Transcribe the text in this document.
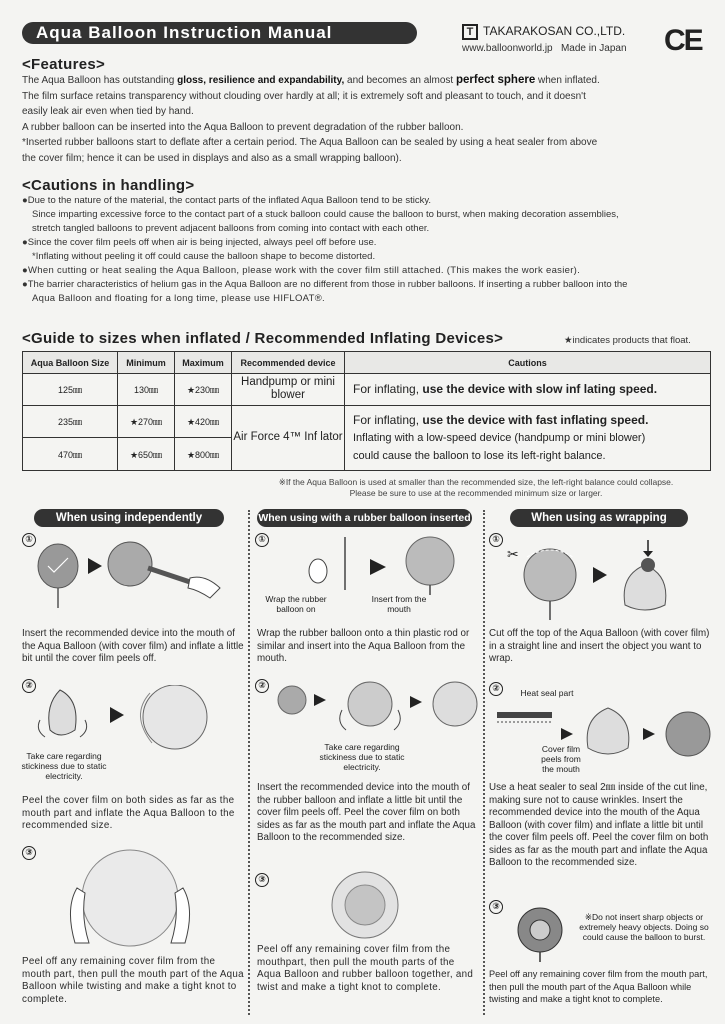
Aqua Balloon Instruction Manual	T TAKARAKOSAN CO.,LTD.
www.balloonworld.jp Made in Japan CE
<Features>
The Aqua Balloon has outstanding gloss, resilience and expandability, and becomes an almost perfect sphere when inflated.
The film surface retains transparency without clouding over hardly at all; it is extremely soft and pleasant to touch, and it doesn't
easily leak air even when tied by hand.
A rubber balloon can be inserted into the Aqua Balloon to prevent degradation of the rubber balloon.
*Inserted rubber balloons start to deflate after a certain period. The Aqua Balloon can be sealed by using a heat sealer from above
the cover film; hence it can be used in displays and also as a small wrapping balloon).
<Cautions in handling>
●Due to the nature of the material, the contact parts of the inflated Aqua Balloon tend to be sticky.
Since imparting excessive force to the contact part of a stuck balloon could cause the balloon to burst, when making decoration assemblies,
stretch tangled balloons to prevent adjacent balloons from coming into contact with each other.
●Since the cover film peels off when air is being injected, always peel off before use.
*Inflating without peeling it off could cause the balloon shape to become distorted.
●When cutting or heat sealing the Aqua Balloon, please work with the cover film still attached. (This makes the work easier).
●The barrier characteristics of helium gas in the Aqua Balloon are no different from those in rubber balloons. If inserting a rubber balloon into the
Aqua Balloon and floating for a long time, please use HIFLOAT®.
<Guide to sizes when inflated / Recommended Inflating Devices>	★indicates products that float.
Aqua Balloon Size	Minimum	Maximum	Recommended device	Cautions
125㎜	130㎜	★230㎜	Handpump or mini blower	For inflating, use the device with slow inf lating speed.
235㎜	★270㎜	★420㎜	Air Force 4™ Inf lator	For inflating, use the device with fast inflating speed.
Inflating with a low-speed device (handpump or mini blower)
could cause the balloon to lose its left-right balance.

470㎜	★650㎜	★800㎜		
※If the Aqua Balloon is used at smaller than the recommended size, the left-right balance could collapse.
Please be sure to use at the recommended minimum size or larger.
When using independently
①
Insert the recommended device into the mouth of the Aqua Balloon (with cover film) and inflate a little bit until the cover film peels off.
②
Take care regarding stickiness due to static electricity.
Peel the cover film on both sides as far as the mouth part and inflate the Aqua Balloon to the recommended size.
③
Peel off any remaining cover film from the mouth part, then pull the mouth part of the Aqua Balloon while twisting and make a tight knot to complete.
When using with a rubber balloon inserted
①
Wrap the rubber balloon on
Insert from the mouth
Wrap the rubber balloon onto a thin plastic rod or similar and insert into the Aqua Balloon from the mouth.
②
Take care regarding stickiness due to static electricity.
Insert the recommended device into the mouth of the rubber balloon and inflate a little bit until the cover film peels off. Peel the cover film on both sides as far as the mouth part and inflate the Aqua Balloon to the recommended size.
③
Peel off any remaining cover film from the mouthpart, then pull the mouth parts of the Aqua Balloon and rubber balloon together, and twist and make a tight knot to complete.
When using as wrapping
①
✂
Cut off the top of the Aqua Balloon (with cover film) in a straight line and insert the object you want to wrap.
②	Heat seal part
Cover film peels from the mouth
Use a heat sealer to seal 2㎜ inside of the cut line, making sure not to cause wrinkles. Insert the recommended device into the mouth of the Aqua Balloon (with cover film) and inflate a little bit until the cover film peels off. Peel the cover film on both sides as far as the mouth part and inflate the Aqua Balloon to the recommended size.
③
※Do not insert sharp objects or extremely heavy objects. Doing so could cause the balloon to burst.
Peel off any remaining cover film from the mouth part, then pull the mouth part of the Aqua Balloon while twisting and make a tight knot to complete.
